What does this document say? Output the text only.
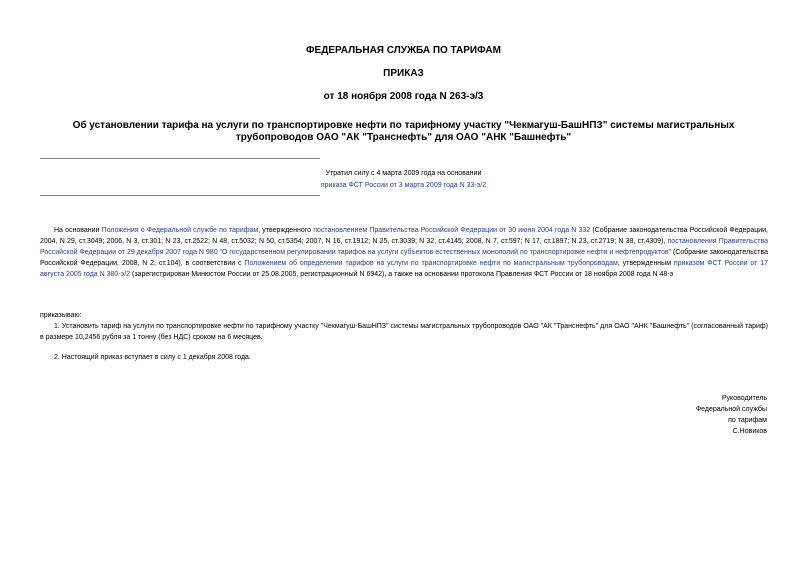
ФЕДЕРАЛЬНАЯ СЛУЖБА ПО ТАРИФАМ
ПРИКАЗ
от 18 ноября 2008 года N 263-э/3
Об установлении тарифа на услуги по транспортировке нефти по тарифному участку "Чекмагуш-БашНПЗ" системы магистральных трубопроводов ОАО "АК "Транснефть" для ОАО "АНК "Башнефть"
Утратил силу с 4 марта 2009 года на основании
приказа ФСТ России от 3 марта 2009 года N 33-э/2
На основании Положения о Федеральной службе по тарифам, утвержденного постановлением Правительства Российской Федерации от 30 июня 2004 года N 332 (Собрание законодательства Российской Федерации, 2004, N 29, ст.3049; 2006, N 3, ст.301; N 23, ст.2522; N 48, ст.5032; N 50, ст.5354; 2007, N 16, ст.1912; N 25, ст.3039; N 32, ст.4145; 2008, N 7, ст.597; N 17, ст.1897; N 23, ст.2719; N 38, ст.4309), постановления Правительства Российской Федерации от 29 декабря 2007 года N 980 "О государственном регулировании тарифов на услуги субъектов естественных монополий по транспортировке нефти и нефтепродуктов" (Собрание законодательства Российской Федерации, 2008, N 2, ст.104), в соответствии с Положением об определении тарифов на услуги по транспортировке нефти по магистральным трубопроводам, утвержденным приказом ФСТ России от 17 августа 2005 года N 380-э/2 (зарегистрирован Минюстом России от 25.08.2005, регистрационный N 6942), а также на основании протокола Правления ФСТ России от 18 ноября 2008 года N 48-э
приказываю:
1. Установить тариф на услуги по транспортировке нефти по тарифному участку "Чекмагуш-БашНПЗ" системы магистральных трубопроводов ОАО "АК "Транснефть" для ОАО "АНК "Башнефть" (согласованный тариф) в размере 10,2456 рубля за 1 тонну (без НДС) сроком на 6 месяцев.
2. Настоящий приказ вступает в силу с 1 декабря 2008 года.
Руководитель
Федеральной службы
по тарифам
С.Новиков
